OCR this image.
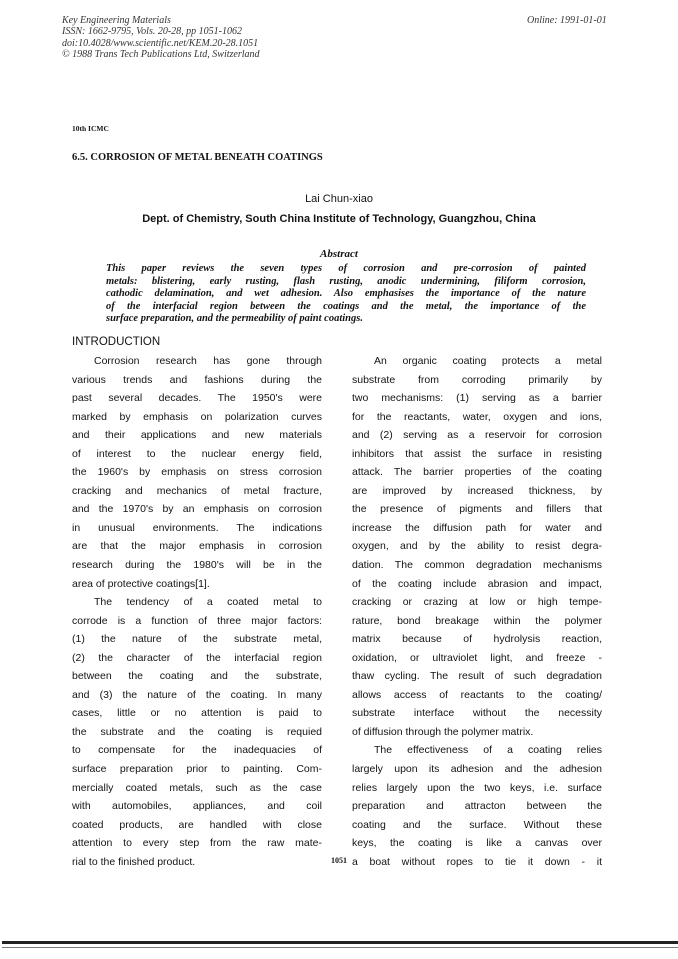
Key Engineering Materials
ISSN: 1662-9795, Vols. 20-28, pp 1051-1062
doi:10.4028/www.scientific.net/KEM.20-28.1051
© 1988 Trans Tech Publications Ltd, Switzerland
Online: 1991-01-01
10th ICMC
6.5. CORROSION OF METAL BENEATH COATINGS
Lai Chun-xiao
Dept. of Chemistry, South China Institute of Technology, Guangzhou, China
Abstract
This paper reviews the seven types of corrosion and pre-corrosion of painted
metals: blistering, early rusting, flash rusting, anodic undermining, filiform corrosion,
cathodic delamination, and wet adhesion. Also emphasises the importance of the nature
of the interfacial region between the coatings and the metal, the importance of the
surface preparation, and the permeability of paint coatings.
INTRODUCTION
Corrosion research has gone through
various trends and fashions during the
past several decades. The 1950's were
marked by emphasis on polarization curves
and their applications and new materials
of interest to the nuclear energy field,
the 1960's by emphasis on stress corrosion
cracking and mechanics of metal fracture,
and the 1970's by an emphasis on corrosion
in unusual environments. The indications
are that the major emphasis in corrosion
research during the 1980's will be in the
area of protective coatings[1].
The tendency of a coated metal to
corrode is a function of three major factors:
(1) the nature of the substrate metal,
(2) the character of the interfacial region
between the coating and the substrate,
and (3) the nature of the coating. In many
cases, little or no attention is paid to
the substrate and the coating is requied
to compensate for the inadequacies of
surface preparation prior to painting. Com-
mercially coated metals, such as the case
with automobiles, appliances, and coil
coated products, are handled with close
attention to every step from the raw mate-
rial to the finished product.
An organic coating protects a metal
substrate from corroding primarily by
two mechanisms: (1) serving as a barrier
for the reactants, water, oxygen and ions,
and (2) serving as a reservoir for corrosion
inhibitors that assist the surface in resisting
attack. The barrier properties of the coating
are improved by increased thickness, by
the presence of pigments and fillers that
increase the diffusion path for water and
oxygen, and by the ability to resist degra-
dation. The common degradation mechanisms
of the coating include abrasion and impact,
cracking or crazing at low or high tempe-
rature, bond breakage within the polymer
matrix because of hydrolysis reaction,
oxidation, or ultraviolet light, and freeze -
thaw cycling. The result of such degradation
allows access of reactants to the coating/
substrate interface without the necessity
of diffusion through the polymer matrix.
The effectiveness of a coating relies
largely upon its adhesion and the adhesion
relies largely upon the two keys, i.e. surface
preparation and attracton between the
coating and the surface. Without these
keys, the coating is like a canvas over
a boat without ropes to tie it down - it
1051
